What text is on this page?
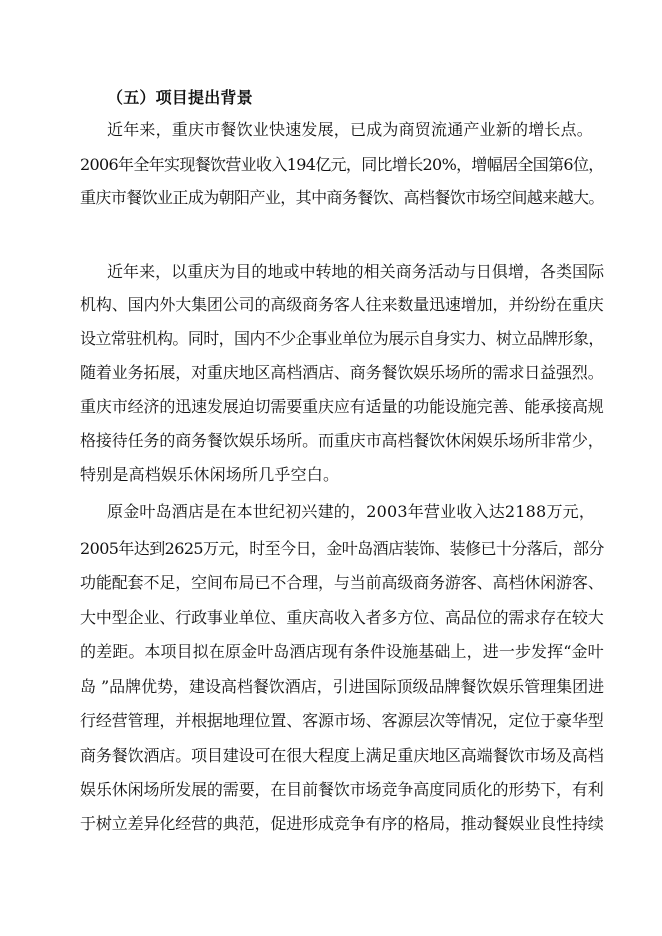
（五）项目提出背景
近年来，重庆市餐饮业快速发展，已成为商贸流通产业新的增长点。
2006年全年实现餐饮营业收入194亿元，同比增长20%，增幅居全国第6位，
重庆市餐饮业正成为朝阳产业，其中商务餐饮、高档餐饮市场空间越来越大。
近年来，以重庆为目的地或中转地的相关商务活动与日俱增，各类国际
机构、国内外大集团公司的高级商务客人往来数量迅速增加，并纷纷在重庆
设立常驻机构。同时，国内不少企事业单位为展示自身实力、树立品牌形象，
随着业务拓展，对重庆地区高档酒店、商务餐饮娱乐场所的需求日益强烈。
重庆市经济的迅速发展迫切需要重庆应有适量的功能设施完善、能承接高规
格接待任务的商务餐饮娱乐场所。而重庆市高档餐饮休闲娱乐场所非常少，
特别是高档娱乐休闲场所几乎空白。
原金叶岛酒店是在本世纪初兴建的，2003年营业收入达2188万元，
2005年达到2625万元，时至今日，金叶岛酒店装饰、装修已十分落后，部分
功能配套不足，空间布局已不合理，与当前高级商务游客、高档休闲游客、
大中型企业、行政事业单位、重庆高收入者多方位、高品位的需求存在较大
的差距。本项目拟在原金叶岛酒店现有条件设施基础上，进一步发挥“金叶
岛 ”品牌优势，建设高档餐饮酒店，引进国际顶级品牌餐饮娱乐管理集团进
行经营管理，并根据地理位置、客源市场、客源层次等情况，定位于豪华型
商务餐饮酒店。项目建设可在很大程度上满足重庆地区高端餐饮市场及高档
娱乐休闲场所发展的需要，在目前餐饮市场竞争高度同质化的形势下，有利
于树立差异化经营的典范，促进形成竞争有序的格局，推动餐娱业良性持续
